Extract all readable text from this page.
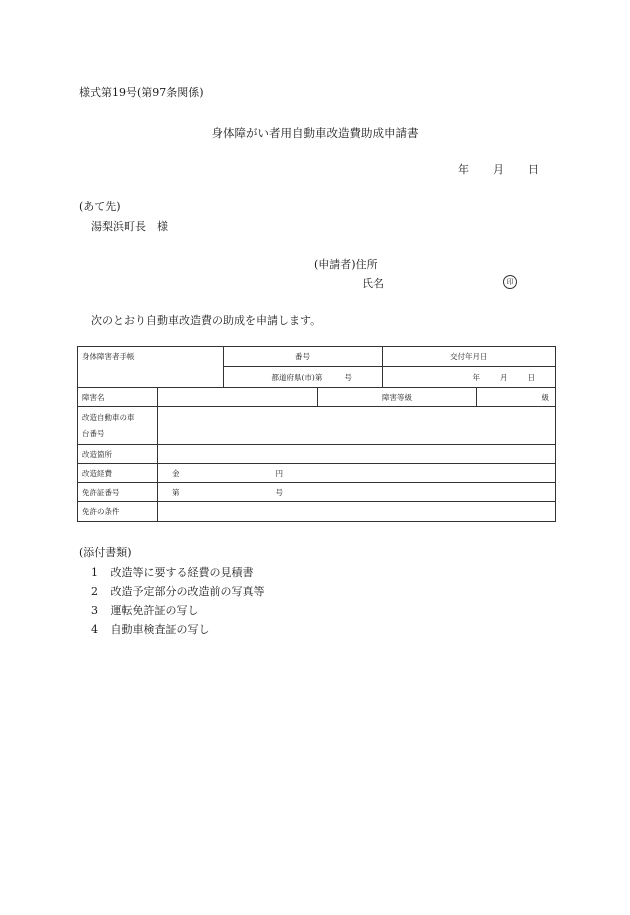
様式第19号(第97条関係)
身体障がい者用自動車改造費助成申請書
年 月 日
(あて先)
湯梨浜町長　様
(申請者)住所
氏名	印
次のとおり自動車改造費の助成を申請します。
身体障害者手帳	番号	交付年月日
都道府県(市)第	号	年	月	日
障害名	障害等級	級
改造自動車の車
台番号
改造箇所
改造経費	金	円
免許証番号	第	号
免許の条件
(添付書類)
1 改造等に要する経費の見積書
2 改造予定部分の改造前の写真等
3 運転免許証の写し
4 自動車検査証の写し
